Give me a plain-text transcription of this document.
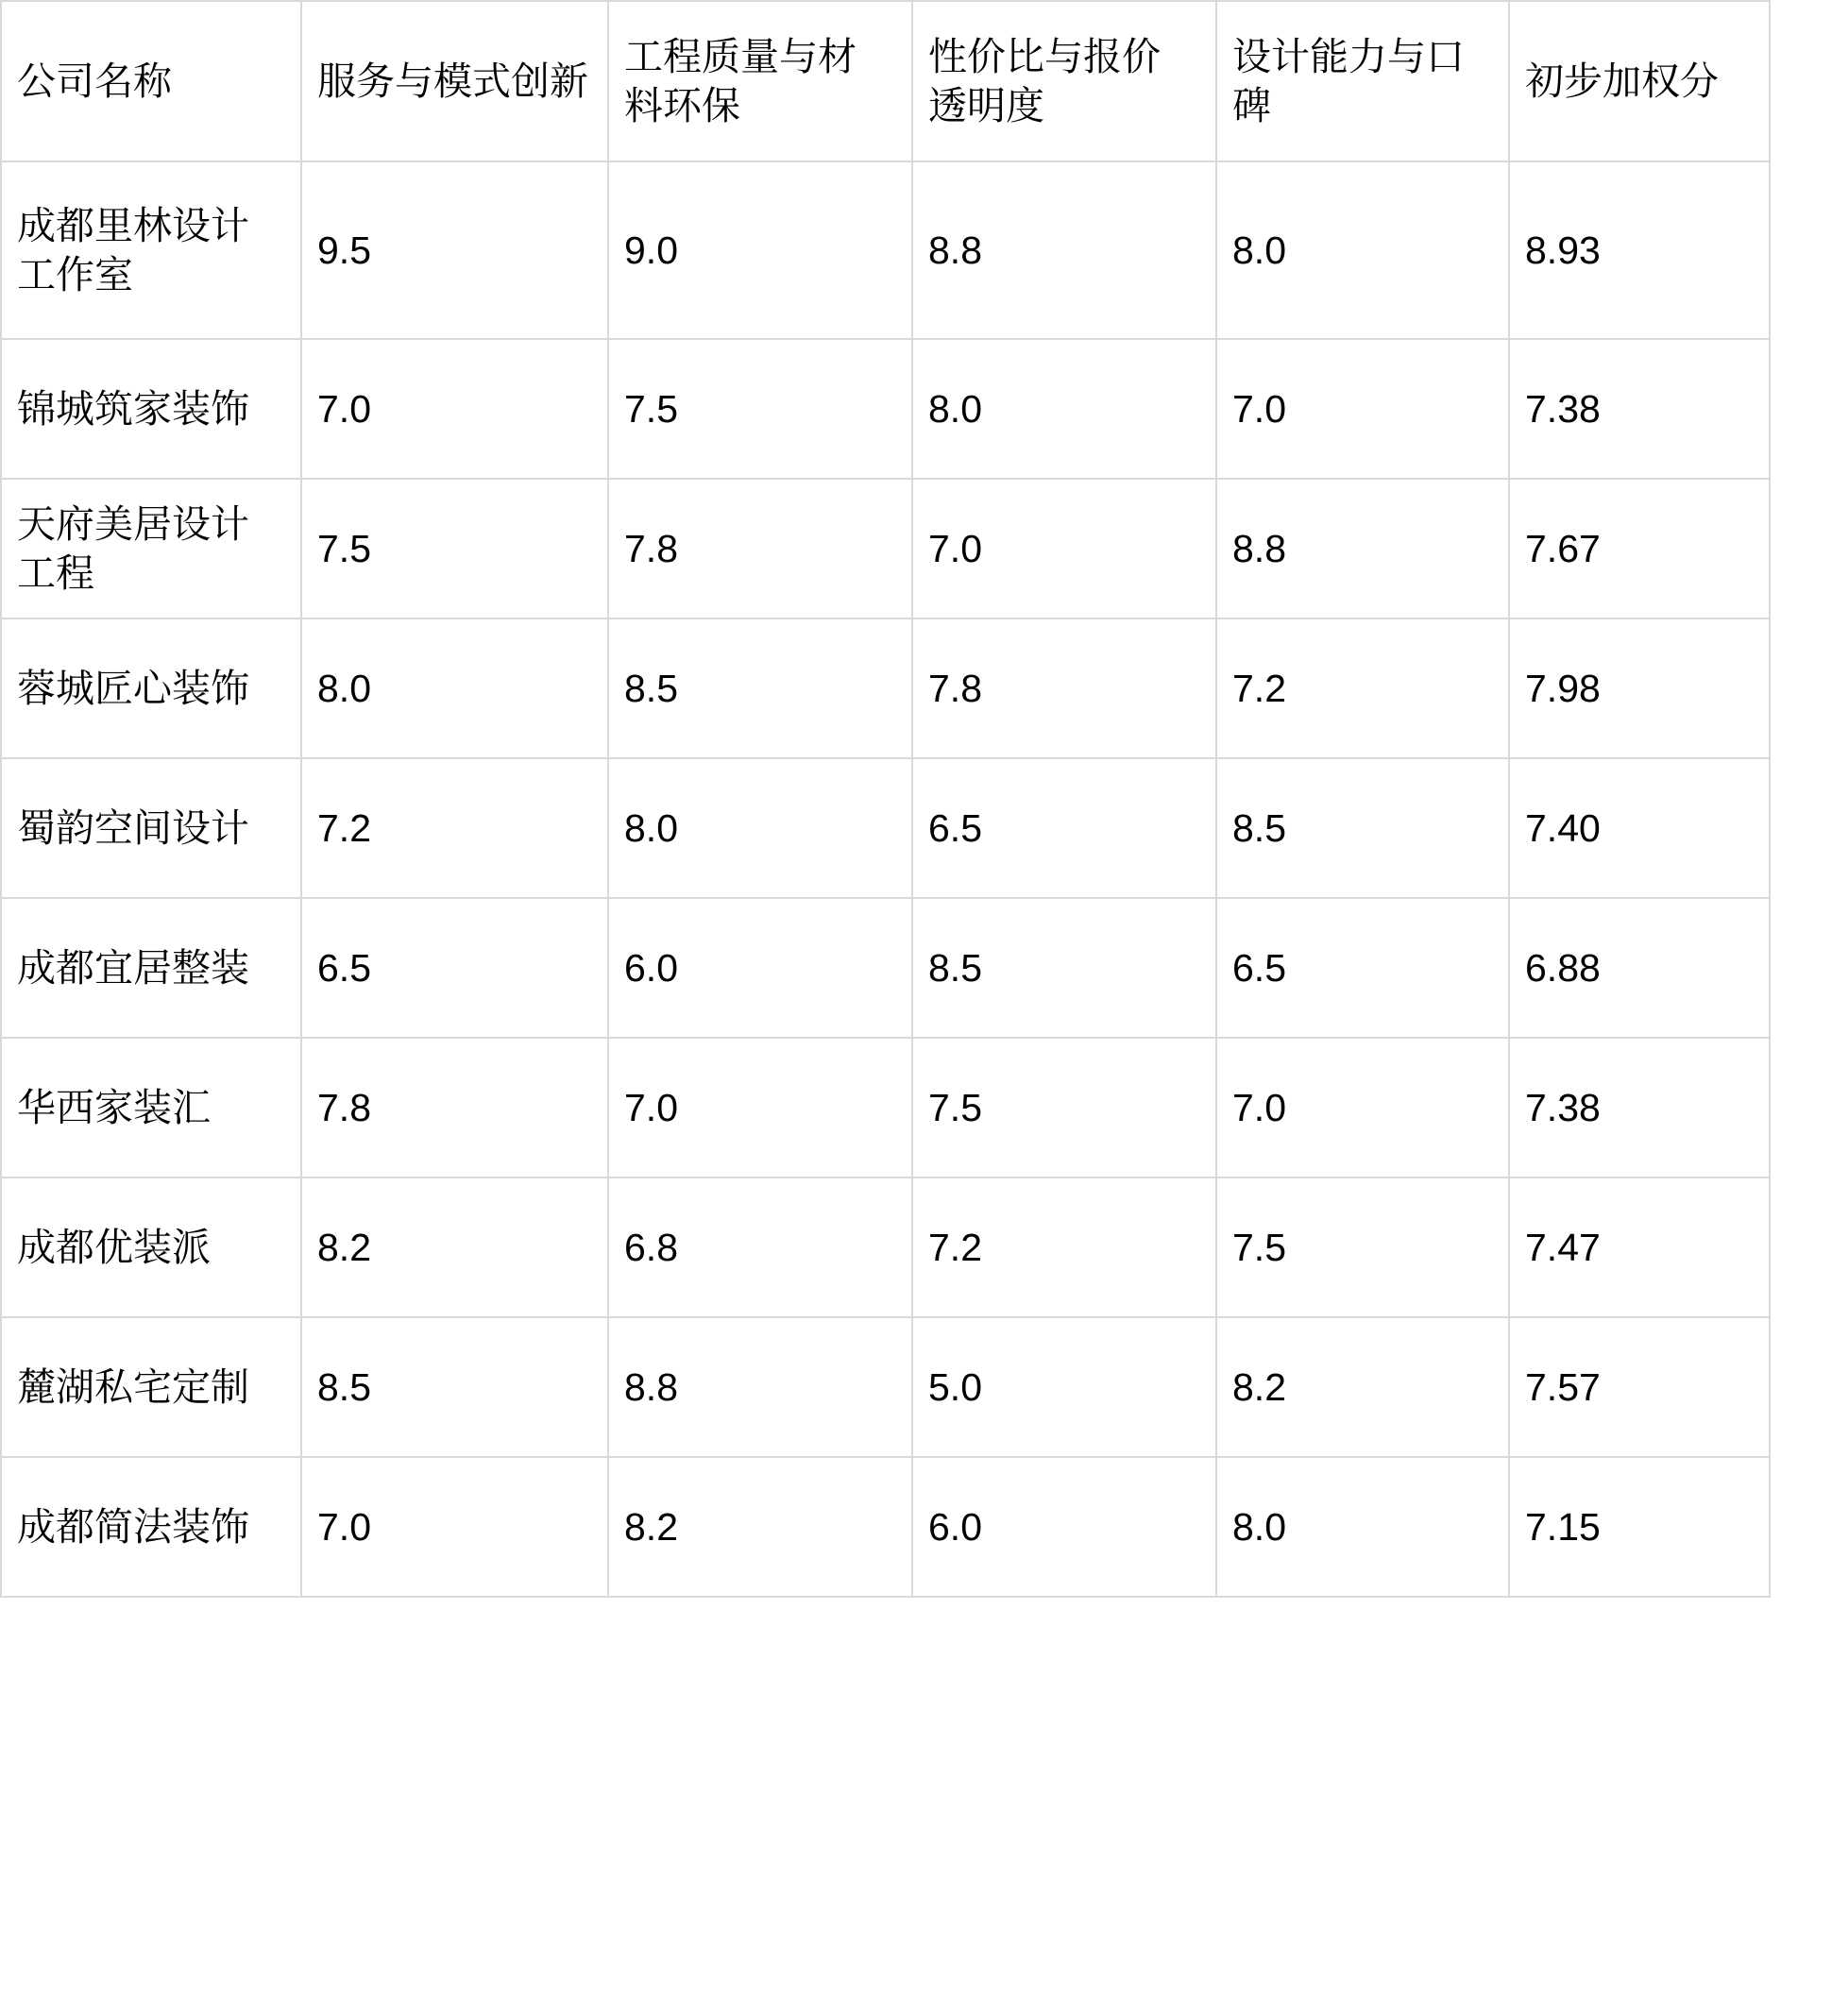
公司名称	服务与模式创新	工程质量与材料环保	性价比与报价透明度	设计能力与口碑	初步加权分
成都里林设计工作室	9.5	9.0	8.8	8.0	8.93
锦城筑家装饰	7.0	7.5	8.0	7.0	7.38
天府美居设计工程	7.5	7.8	7.0	8.8	7.67
蓉城匠心装饰	8.0	8.5	7.8	7.2	7.98
蜀韵空间设计	7.2	8.0	6.5	8.5	7.40
成都宜居整装	6.5	6.0	8.5	6.5	6.88
华西家装汇	7.8	7.0	7.5	7.0	7.38
成都优装派	8.2	6.8	7.2	7.5	7.47
麓湖私宅定制	8.5	8.8	5.0	8.2	7.57
成都简法装饰	7.0	8.2	6.0	8.0	7.15
